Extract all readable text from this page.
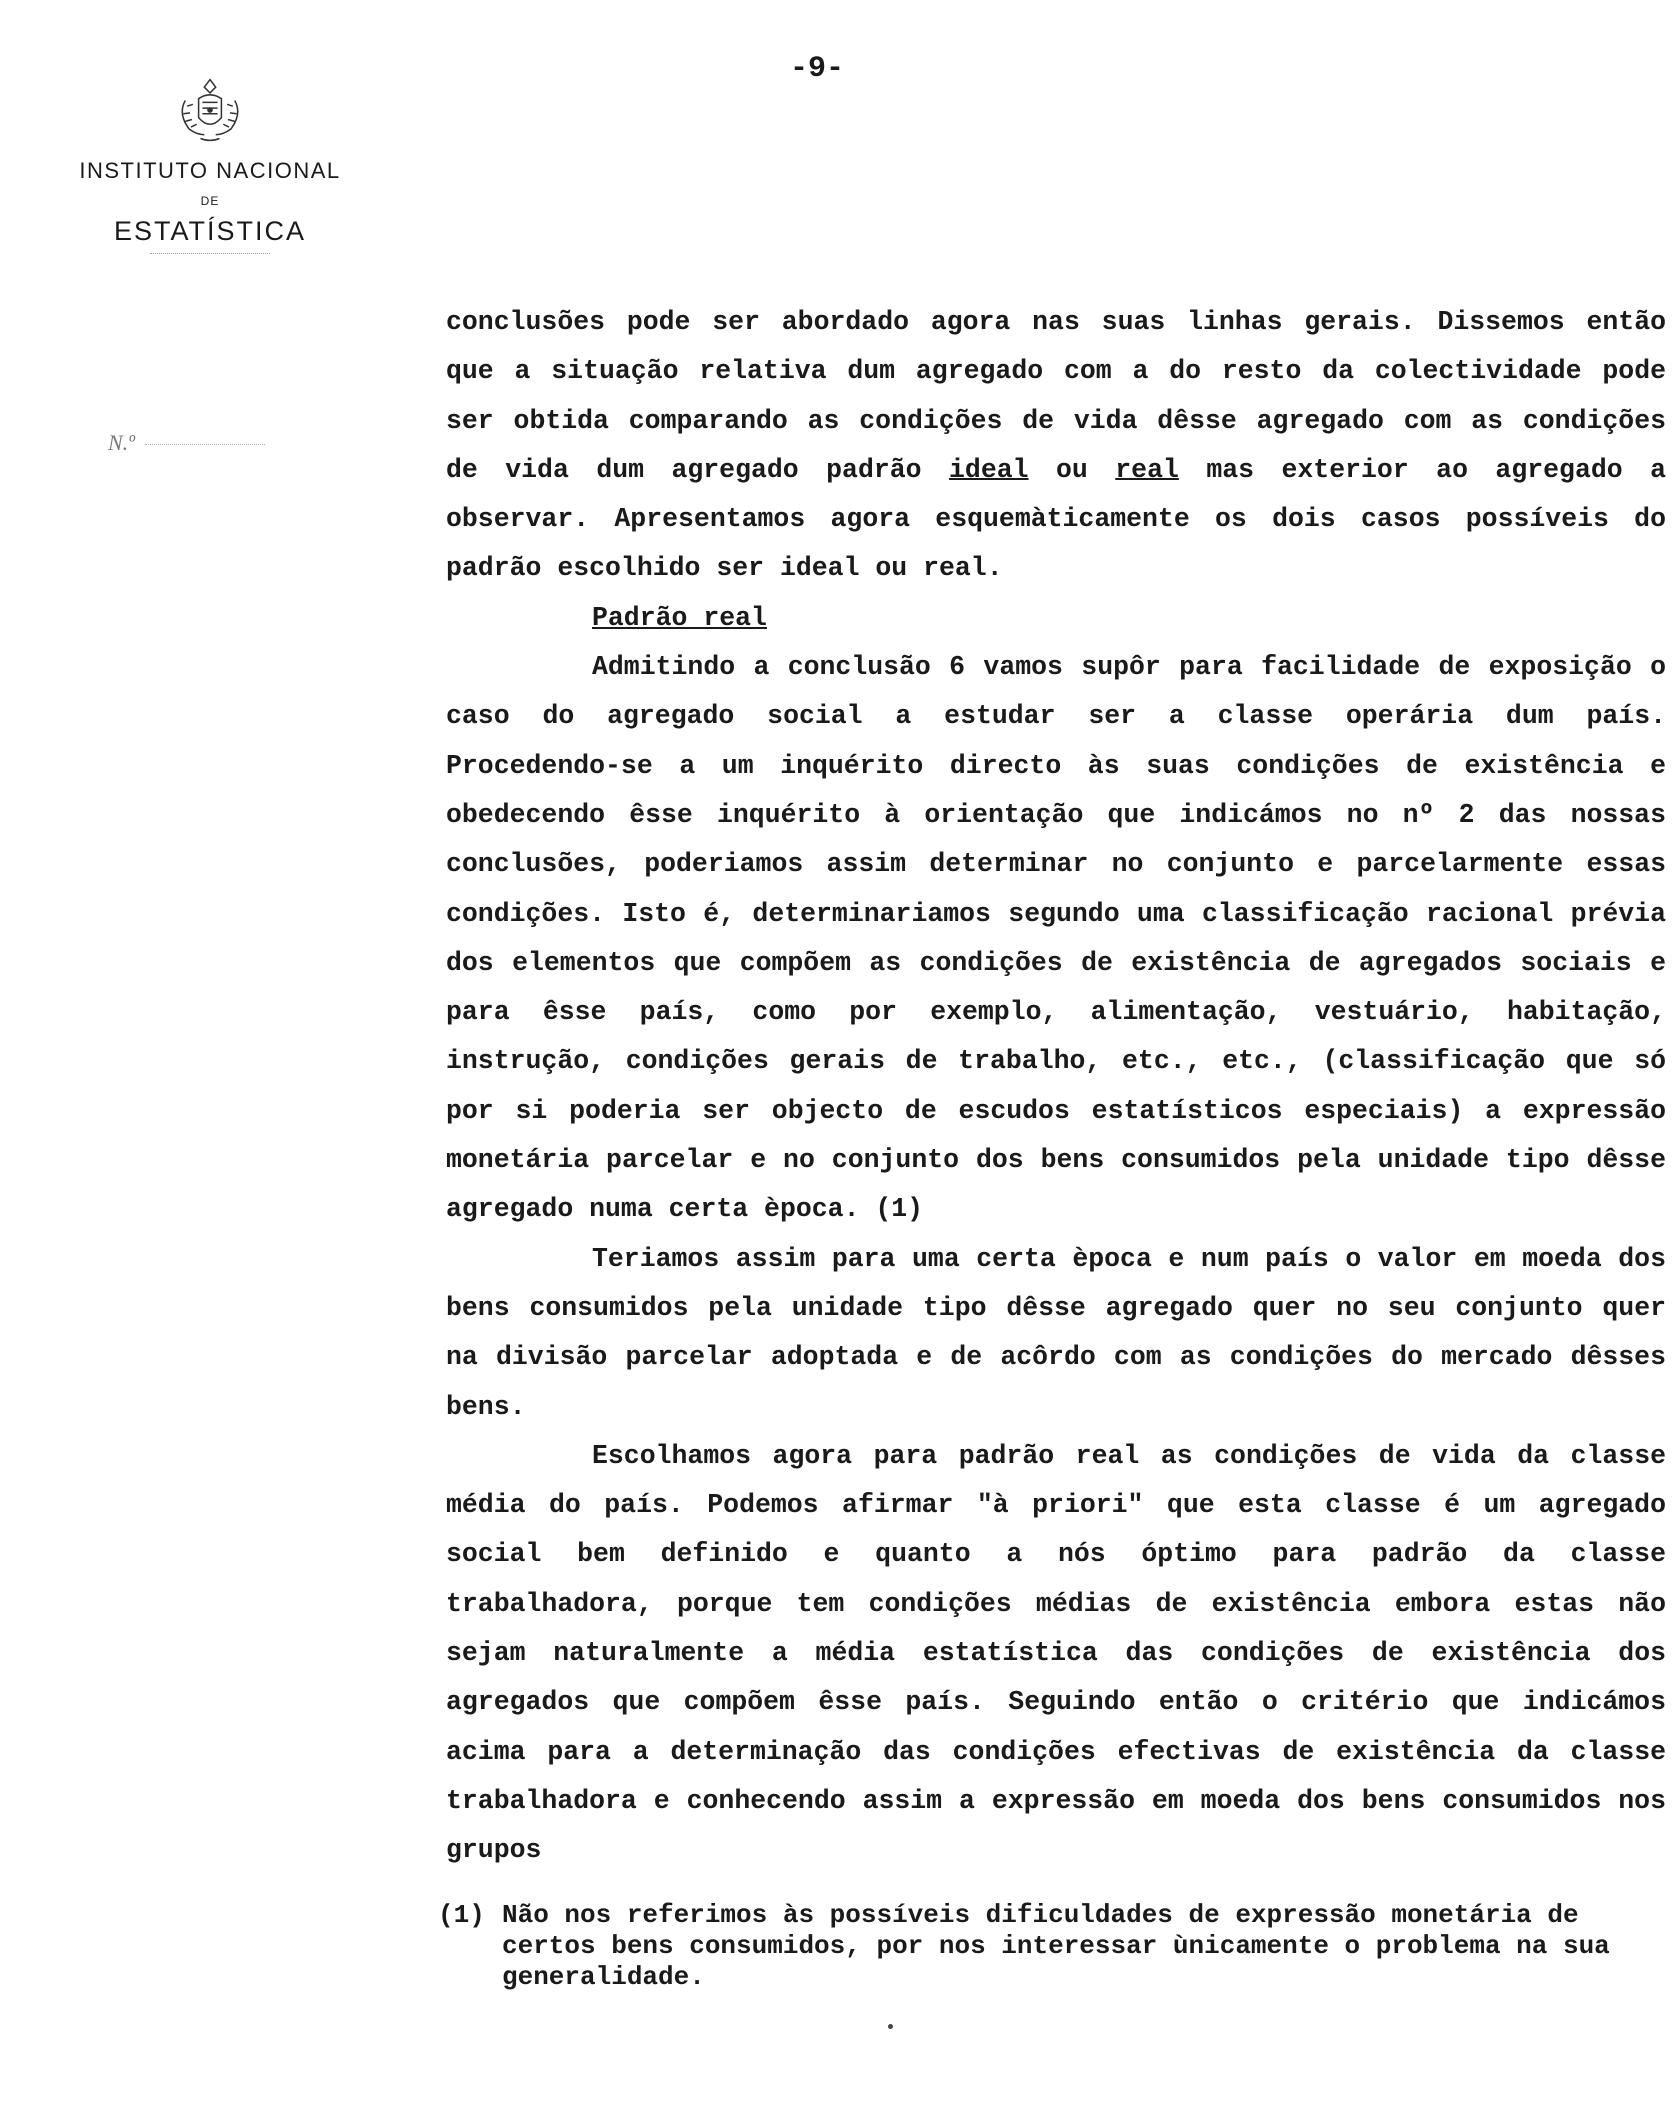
-9-
INSTITUTO NACIONAL
DE
ESTATÍSTICA
N.º

conclusões pode ser abordado agora nas suas linhas gerais. Dissemos então que a situação relativa dum agregado com a do resto da colectividade pode ser obtida comparando as condições de vida dêsse agregado com as condições de vida dum agregado padrão ideal ou real mas exterior ao agregado a observar. Apresentamos agora esquemàticamente os dois casos possíveis do padrão escolhido ser ideal ou real.

Padrão real

Admitindo a conclusão 6 vamos supôr para facilidade de exposição o caso do agregado social a estudar ser a classe operária dum país. Procedendo-se a um inquérito directo às suas condições de existência e obedecendo êsse inquérito à orientação que indicámos no nº 2 das nossas conclusões, poderiamos assim determinar no conjunto e parcelarmente essas condições. Isto é, determinariamos segundo uma classificação racional prévia dos elementos que compõem as condições de existência de agregados sociais e para êsse país, como por exemplo, alimentação, vestuário, habitação, instrução, condições gerais de trabalho, etc., etc., (classificação que só por si poderia ser objecto de escudos estatísticos especiais) a expressão monetária parcelar e no conjunto dos bens consumidos pela unidade tipo dêsse agregado numa certa època. (1)

Teriamos assim para uma certa època e num país o valor em moeda dos bens consumidos pela unidade tipo dêsse agregado quer no seu conjunto quer na divisão parcelar adoptada e de acôrdo com as condições do mercado dêsses bens.

Escolhamos agora para padrão real as condições de vida da classe média do país. Podemos afirmar "à priori" que esta classe é um agregado social bem definido e quanto a nós óptimo para padrão da classe trabalhadora, porque tem condições médias de existência embora estas não sejam naturalmente a média estatística das condições de existência dos agregados que compõem êsse país. Seguindo então o critério que indicámos acima para a determinação das condições efectivas de existência da classe trabalhadora e conhecendo assim a expressão em moeda dos bens consumidos nos grupos

(1) Não nos referimos às possíveis dificuldades de expressão monetária de certos bens consumidos, por nos interessar ùnicamente o problema na sua generalidade.
